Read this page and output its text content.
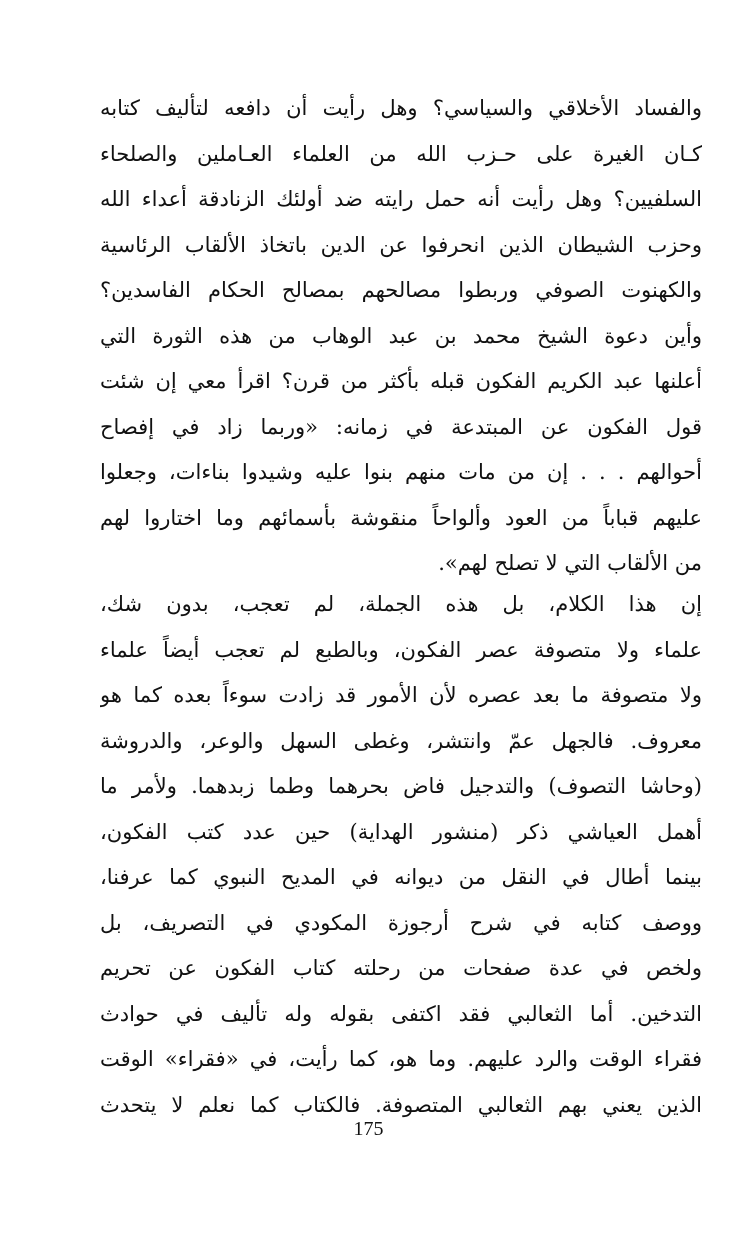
والفساد الأخلاقي والسياسي؟ وهل رأيت أن دافعه لتأليف كتابه
كـان الغيرة على حـزب الله من العلماء العـاملين والصلحاء
السلفيين؟ وهل رأيت أنه حمل رايته ضد أولئك الزنادقة أعداء الله
وحزب الشيطان الذين انحرفوا عن الدين باتخاذ الألقاب الرئاسية
والكهنوت الصوفي وربطوا مصالحهم بمصالح الحكام الفاسدين؟
وأين دعوة الشيخ محمد بن عبد الوهاب من هذه الثورة التي
أعلنها عبد الكريم الفكون قبله بأكثر من قرن؟ اقرأ معي إن شئت
قول الفكون عن المبتدعة في زمانه: «وربما زاد في إفصاح
أحوالهم . . . إن من مات منهم بنوا عليه وشيدوا بناءات، وجعلوا
عليهم قباباً من العود وألواحاً منقوشة بأسمائهم وما اختاروا لهم
من الألقاب التي لا تصلح لهم».
إن هذا الكلام، بل هذه الجملة، لم تعجب، بدون شك،
علماء ولا متصوفة عصر الفكون، وبالطبع لم تعجب أيضاً علماء
ولا متصوفة ما بعد عصره لأن الأمور قد زادت سوءاً بعده كما هو
معروف. فالجهل عمّ وانتشر، وغطى السهل والوعر، والدروشة
(وحاشا التصوف) والتدجيل فاض بحرهما وطما زبدهما. ولأمر ما
أهمل العياشي ذكر (منشور الهداية) حين عدد كتب الفكون،
بينما أطال في النقل من ديوانه في المديح النبوي كما عرفنا،
ووصف كتابه في شرح أرجوزة المكودي في التصريف، بل
ولخص في عدة صفحات من رحلته كتاب الفكون عن تحريم
التدخين. أما الثعالبي فقد اكتفى بقوله وله تأليف في حوادث
فقراء الوقت والرد عليهم. وما هو، كما رأيت، في «فقراء» الوقت
الذين يعني بهم الثعالبي المتصوفة. فالكتاب كما نعلم لا يتحدث
175
